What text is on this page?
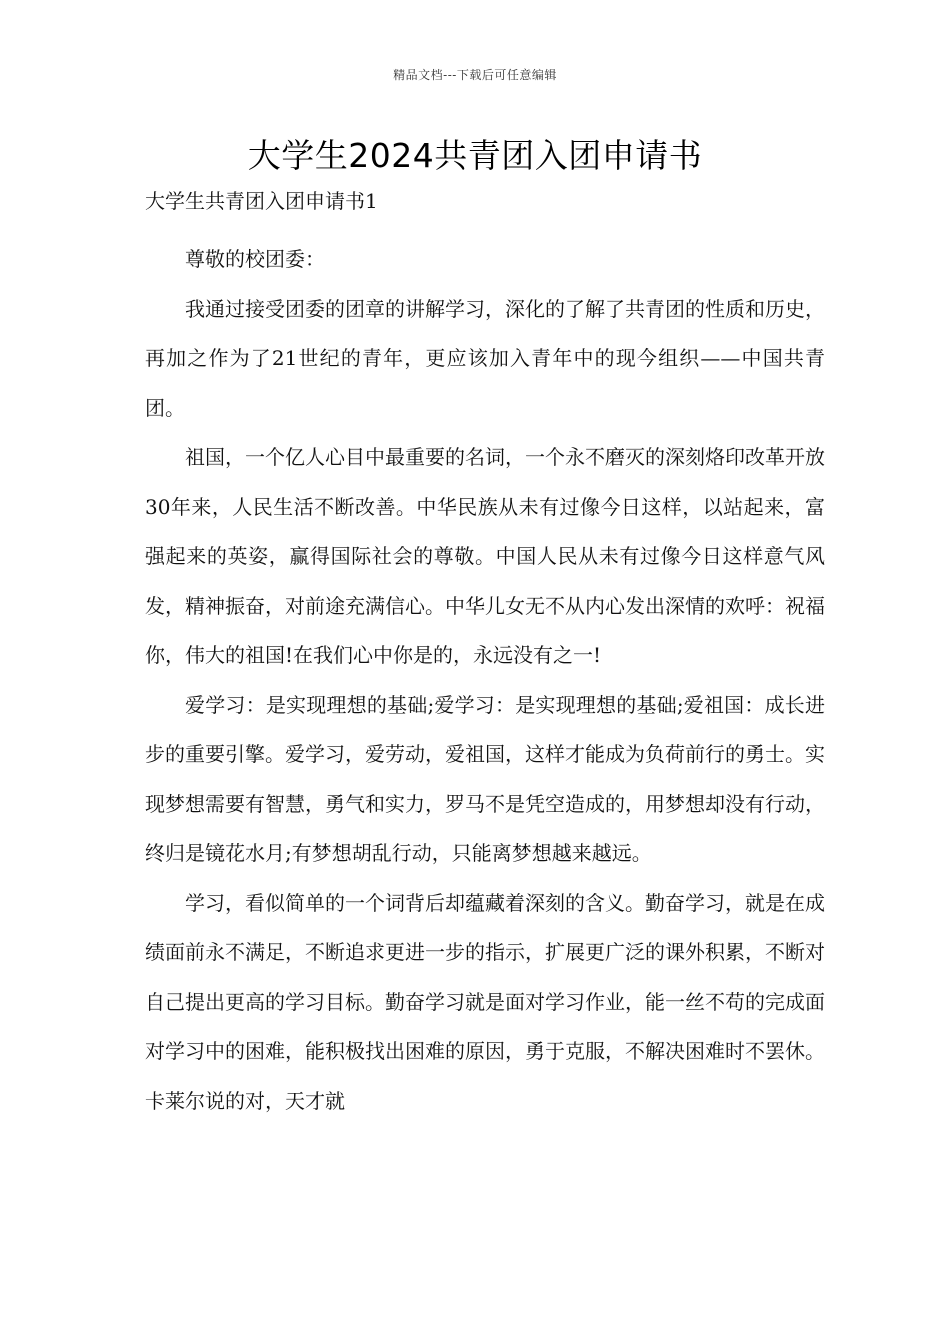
精品文档---下载后可任意编辑
大学生2024共青团入团申请书

大学生共青团入团申请书1

尊敬的校团委：

我通过接受团委的团章的讲解学习，深化的了解了共青团的性质和历史，再加之作为了21世纪的青年，更应该加入青年中的现今组织——中国共青团。

祖国，一个亿人心目中最重要的名词，一个永不磨灭的深刻烙印改革开放30年来，人民生活不断改善。中华民族从未有过像今日这样，以站起来，富强起来的英姿，赢得国际社会的尊敬。中国人民从未有过像今日这样意气风发，精神振奋，对前途充满信心。中华儿女无不从内心发出深情的欢呼：祝福你，伟大的祖国!在我们心中你是的，永远没有之一!

爱学习：是实现理想的基础;爱学习：是实现理想的基础;爱祖国：成长进步的重要引擎。爱学习，爱劳动，爱祖国，这样才能成为负荷前行的勇士。实现梦想需要有智慧，勇气和实力，罗马不是凭空造成的，用梦想却没有行动，终归是镜花水月;有梦想胡乱行动，只能离梦想越来越远。

学习，看似简单的一个词背后却蕴藏着深刻的含义。勤奋学习，就是在成绩面前永不满足，不断追求更进一步的指示，扩展更广泛的课外积累，不断对自己提出更高的学习目标。勤奋学习就是面对学习作业，能一丝不苟的完成面对学习中的困难，能积极找出困难的原因，勇于克服，不解决困难时不罢休。卡莱尔说的对，天才就
